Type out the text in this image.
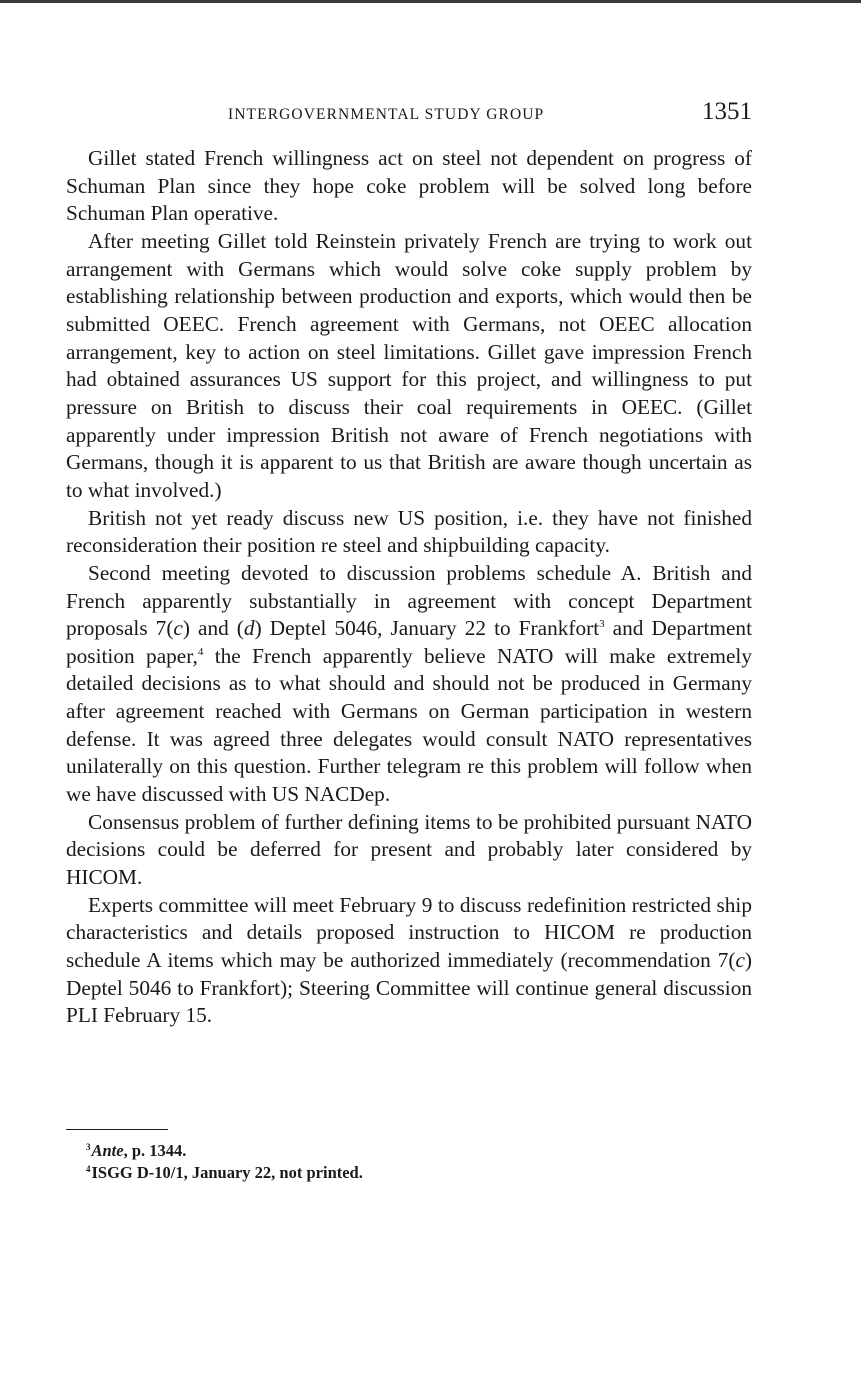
INTERGOVERNMENTAL STUDY GROUP	1351

Gillet stated French willingness act on steel not dependent on progress of Schuman Plan since they hope coke problem will be solved long before Schuman Plan operative.

After meeting Gillet told Reinstein privately French are trying to work out arrangement with Germans which would solve coke supply problem by establishing relationship between production and exports, which would then be submitted OEEC. French agreement with Germans, not OEEC allocation arrangement, key to action on steel limitations. Gillet gave impression French had obtained assurances US support for this project, and willingness to put pressure on British to discuss their coal requirements in OEEC. (Gillet apparently under impression British not aware of French negotiations with Germans, though it is apparent to us that British are aware though uncertain as to what involved.)

British not yet ready discuss new US position, i.e. they have not finished reconsideration their position re steel and shipbuilding capacity.

Second meeting devoted to discussion problems schedule A. British and French apparently substantially in agreement with concept Department proposals 7(c) and (d) Deptel 5046, January 22 to Frankfort$^3$ and Department position paper,$^4$ the French apparently believe NATO will make extremely detailed decisions as to what should and should not be produced in Germany after agreement reached with Germans on German participation in western defense. It was agreed three delegates would consult NATO representatives unilaterally on this question. Further telegram re this problem will follow when we have discussed with US NACDep.

Consensus problem of further defining items to be prohibited pursuant NATO decisions could be deferred for present and probably later considered by HICOM.

Experts committee will meet February 9 to discuss redefinition restricted ship characteristics and details proposed instruction to HICOM re production schedule A items which may be authorized immediately (recommendation 7(c) Deptel 5046 to Frankfort); Steering Committee will continue general discussion PLI February 15.

$^3$Ante, p. 1344.

$^4$ISGG D-10/1, January 22, not printed.
